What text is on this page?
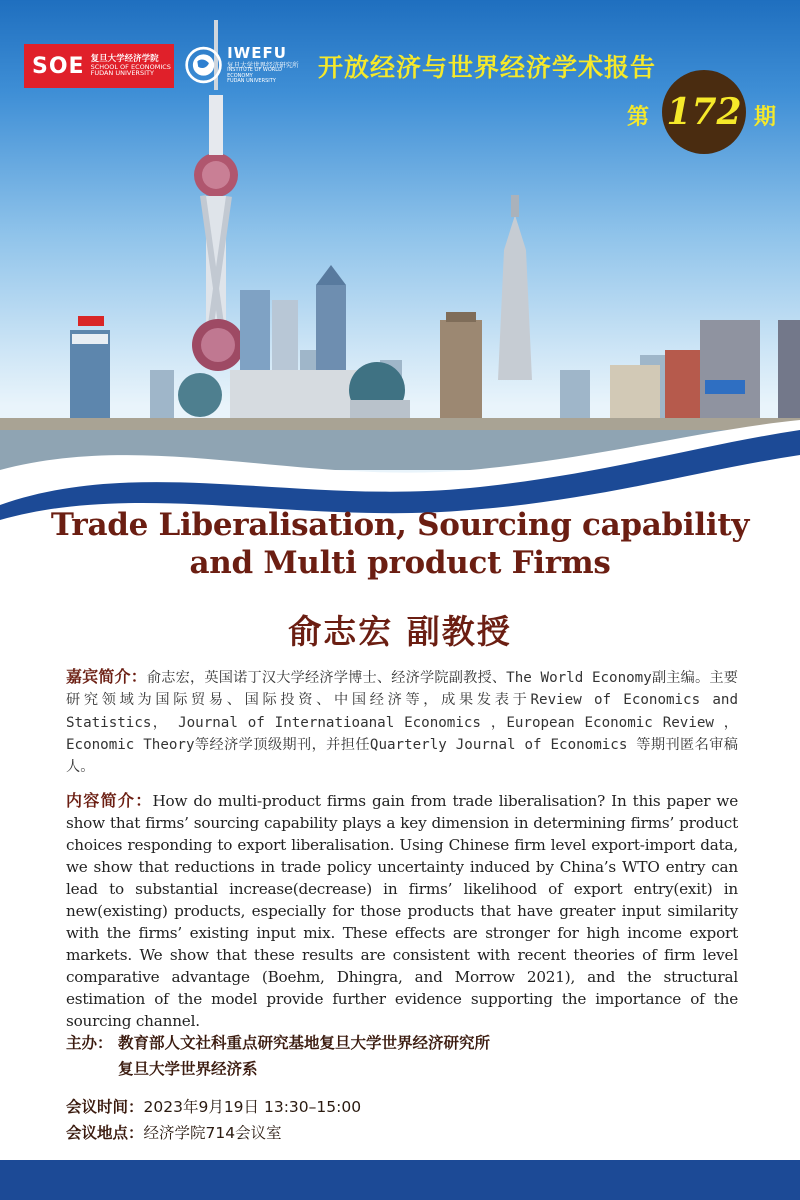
SOE 复旦大学经济学院
SCHOOL OF ECONOMICS
FUDAN UNIVERSITY
IWEFU
复旦大学世界经济研究所
INSTITUTE OF WORLD ECONOMY
FUDAN UNIVERSITY	开放经济与世界经济学术报告
第 172 期
Trade Liberalisation, Sourcing capability
and Multi product Firms
俞志宏 副教授
嘉宾简介：俞志宏，英国诺丁汉大学经济学博士、经济学院副教授、The World Economy副主编。主要研究领域为国际贸易、国际投资、中国经济等，成果发表于Review of Economics and Statistics， Journal of Internatioanal Economics ，European Economic Review ，Economic Theory等经济学顶级期刊，并担任Quarterly Journal of Economics 等期刊匿名审稿人。
内容简介：How do multi-product firms gain from trade liberalisation? In this paper we show that firms’ sourcing capability plays a key dimension in determining firms’ product choices responding to export liberalisation. Using Chinese firm level export-import data, we show that reductions in trade policy uncertainty induced by China’s WTO entry can lead to substantial increase(decrease) in firms’ likelihood of export entry(exit) in new(existing) products, especially for those products that have greater input similarity with the firms’ existing input mix. These effects are stronger for high income export markets. We show that these results are consistent with recent theories of firm level comparative advantage (Boehm, Dhingra, and Morrow 2021), and the structural estimation of the model provide further evidence supporting the importance of the sourcing channel.
主办： 教育部人文社科重点研究基地复旦大学世界经济研究所
复旦大学世界经济系
会议时间：2023年9月19日 13:30–15:00
会议地点：经济学院714会议室
